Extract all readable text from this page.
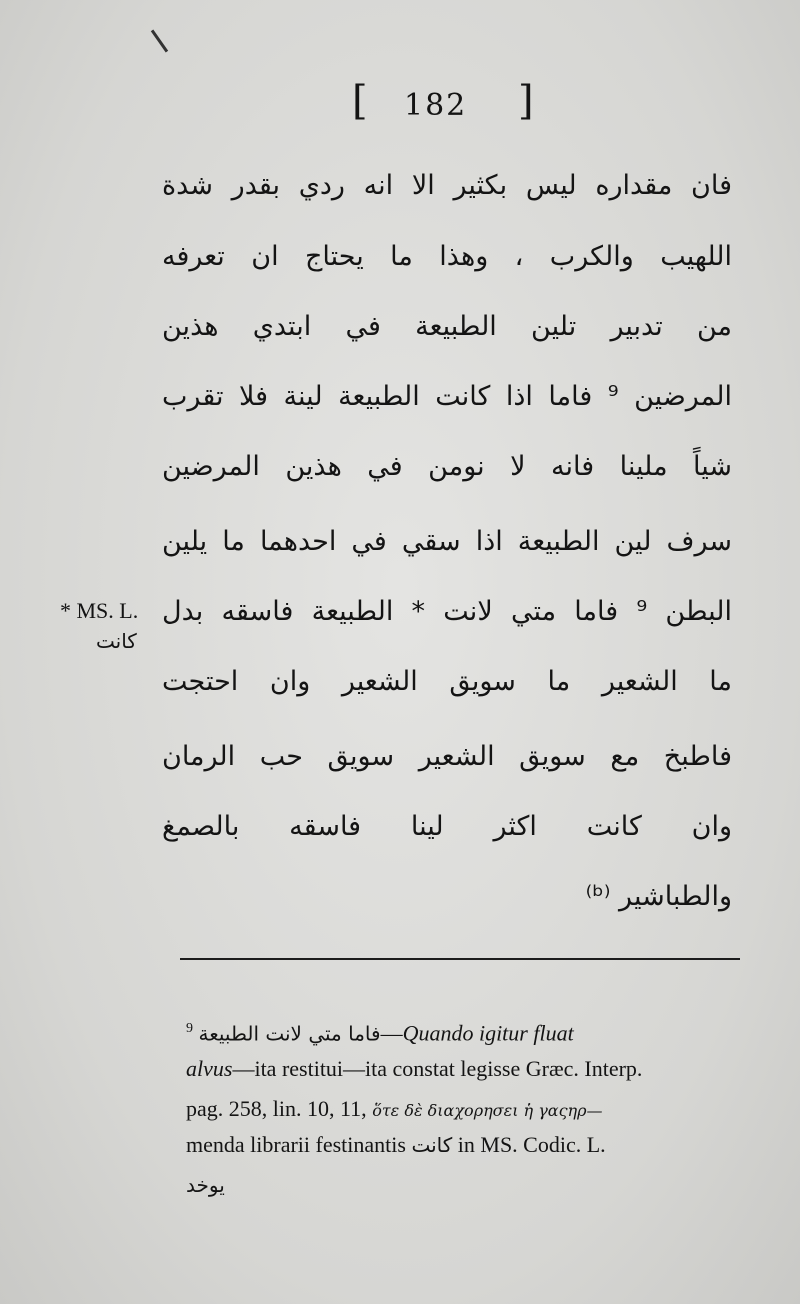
[ 182 ]
فان مقداره ليس بكثير الا انه ردي بقدر شدة
اللهيب والكرب ، وهذا ما يحتاج ان تعرفه
من تدبير تلين الطبيعة في ابتدي هذين
المرضين ⁹ فاما اذا كانت الطبيعة لينة فلا تقرب
شياً ملينا فانه لا نومن في هذين المرضين
سرف لين الطبيعة اذا سقي في احدهما ما يلين
البطن ⁹ فاما متي لانت * الطبيعة فاسقه بدل
ما الشعير ما سويق الشعير وان احتجت
فاطبخ مع سويق الشعير سويق حب الرمان
وان كانت اكثر لينا فاسقه بالصمغ
والطباشير ⁽ᵇ⁾
* MS. L.
كانت
$^9$ فاما متي لانت الطبيعة—Quando igitur fluat
alvus—ita restitui—ita constat legisse Græc. Interp.
pag. 258, lin. 10, 11, ὅτε δὲ διαχορησει ἡ γαςηρ—
menda librarii festinantis كانت in MS. Codic. L.
يوخد
